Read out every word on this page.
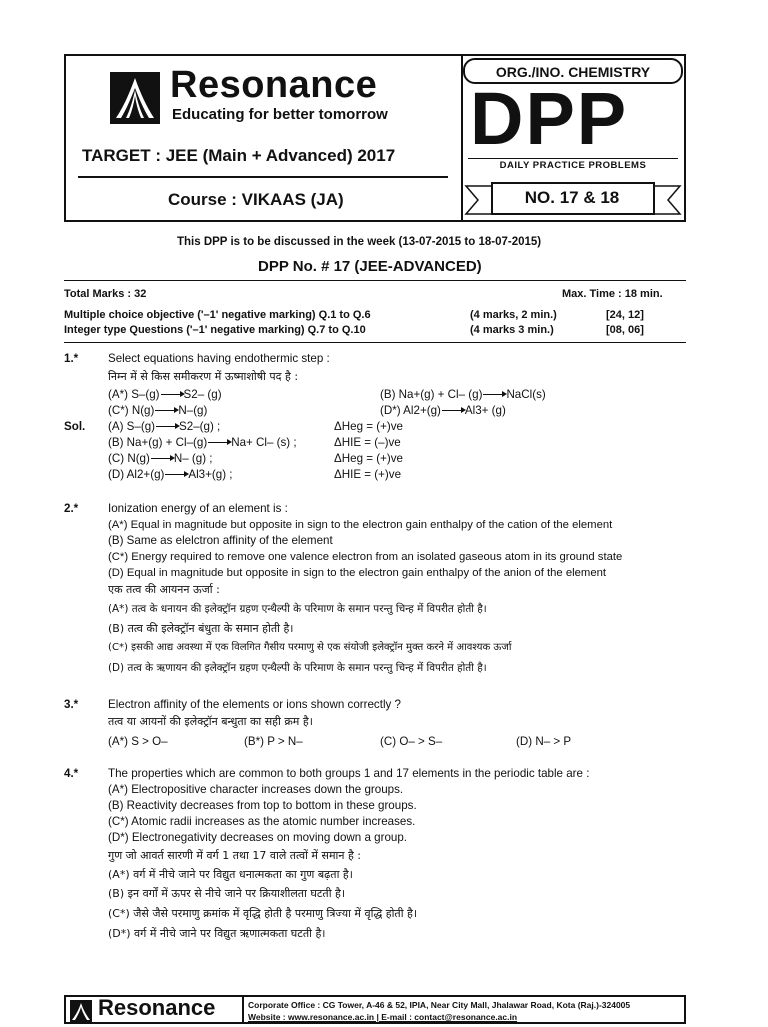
Resonance
Educating for better tomorrow
TARGET : JEE (Main + Advanced) 2017
Course : VIKAAS (JA)
ORG./INO. CHEMISTRY
DPP
DAILY PRACTICE PROBLEMS
NO. 17 & 18
This DPP is to be discussed in the week (13-07-2015 to 18-07-2015)
DPP No. # 17 (JEE-ADVANCED)
Total Marks : 32	Max. Time : 18 min.
Multiple choice objective ('–1' negative marking) Q.1 to Q.6	(4 marks, 2 min.)	[24, 12]
Integer type Questions ('–1' negative marking) Q.7 to Q.10	(4 marks 3 min.)	[08, 06]
1.*	Select equations having endothermic step :
निम्न में से किस समीकरण में ऊष्माशोषी पद है :
(A*) S–(g) S2– (g)	(B) Na+(g) + Cl– (g) NaCl(s)
(C*) N(g) N–(g)	(D*) Al2+(g) Al3+ (g)
Sol. (A) S–(g) S2–(g) ;	ΔHeg = (+)ve
(B) Na+(g) + Cl–(g) Na+ Cl– (s) ;	ΔHIE = (–)ve
(C) N(g) N– (g) ;	ΔHeg = (+)ve
(D) Al2+(g) Al3+(g) ;	ΔHIE = (+)ve
2.*	Ionization energy of an element is :
(A*) Equal in magnitude but opposite in sign to the electron gain enthalpy of the cation of the element
(B) Same as elelctron affinity of the element
(C*) Energy required to remove one valence electron from an isolated gaseous atom in its ground state
(D) Equal in magnitude but opposite in sign to the electron gain enthalpy of the anion of the element
एक तत्व की आयनन ऊर्जा :
(A*) तत्व के धनायन की इलेक्ट्रॉन ग्रहण एन्थैल्पी के परिमाण के समान परन्तु चिन्ह में विपरीत होती है।
(B) तत्व की इलेक्ट्रॉन बंधुता के समान होती है।
(C*) इसकी आद्य अवस्था में एक विलगित गैसीय परमाणु से एक संयोजी इलेक्ट्रॉन मुक्त करने में आवश्यक ऊर्जा
(D) तत्व के ऋणायन की इलेक्ट्रॉन ग्रहण एन्थैल्पी के परिमाण के समान परन्तु चिन्ह में विपरीत होती है।
3.*	Electron affinity of the elements or ions shown correctly ?
तत्व या आयनों की इलेक्ट्रॉन बन्धुता का सही क्रम है।
(A*) S > O–	(B*) P > N–	(C) O– > S–	(D) N– > P
4.*	The properties which are common to both groups 1 and 17 elements in the periodic table are :
(A*) Electropositive character increases down the groups.
(B) Reactivity decreases from top to bottom in these groups.
(C*) Atomic radii increases as the atomic number increases.
(D*) Electronegativity decreases on moving down a group.
गुण जो आवर्त सारणी में वर्ग 1 तथा 17 वाले तत्वों में समान है :
(A*) वर्ग में नीचे जाने पर विद्युत धनात्मकता का गुण बढ़ता है।
(B) इन वर्गों में ऊपर से नीचे जाने पर क्रियाशीलता घटती है।
(C*) जैसे जैसे परमाणु क्रमांक में वृद्धि होती है परमाणु त्रिज्या में वृद्धि होती है।
(D*) वर्ग में नीचे जाने पर विद्युत ऋणात्मकता घटती है।
Resonance	Corporate Office : CG Tower, A-46 & 52, IPIA, Near City Mall, Jhalawar Road, Kota (Raj.)-324005
Website : www.resonance.ac.in | E-mail : contact@resonance.ac.in
